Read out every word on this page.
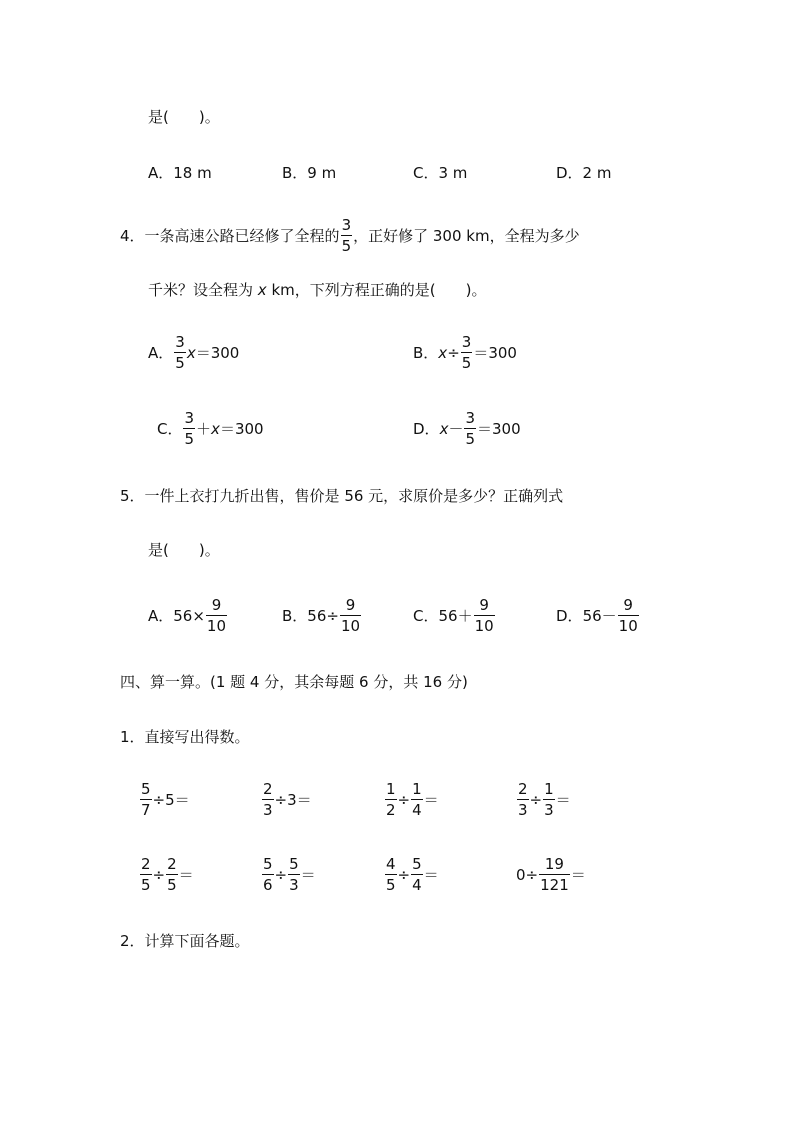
是(　　)。
A．18 m	B．9 m	C．3 m	D．2 m
4． 一条高速公路已经修了全程的 $\frac{3}{5}$ ，正好修了 300 km，全程为多少
千米？设全程为 x km，下列方程正确的是(　　)。
A． $\frac{3}{5}$ x ＝300	B． $x \div \frac{3}{5} =300$
C． $\frac{3}{5} + x =300$	D． $x - \frac{3}{5} =300$
5．一件上衣打九折出售，售价是 56 元，求原价是多少？正确列式
是(　　)。
A． $56\times \frac{9}{10}$	B． $56\div \frac{9}{10}$	C． $56+ \frac{9}{10}$	D． $56- \frac{9}{10}$
四、算一算。(1 题 4 分，其余每题 6 分，共 16 分)
1．直接写出得数。
$\frac{5}{7} \div 5$ ＝	$\frac{2}{3} \div 3$ ＝	$\frac{1}{2} \div \frac{1}{4}$ ＝	$\frac{2}{3} \div \frac{1}{3}$ ＝
$\frac{2}{5} \div \frac{2}{5}$ ＝	$\frac{5}{6} \div \frac{5}{3}$ ＝	$\frac{4}{5} \div \frac{5}{4}$ ＝	$0 \div \frac{19}{121}$ ＝
2．计算下面各题。
